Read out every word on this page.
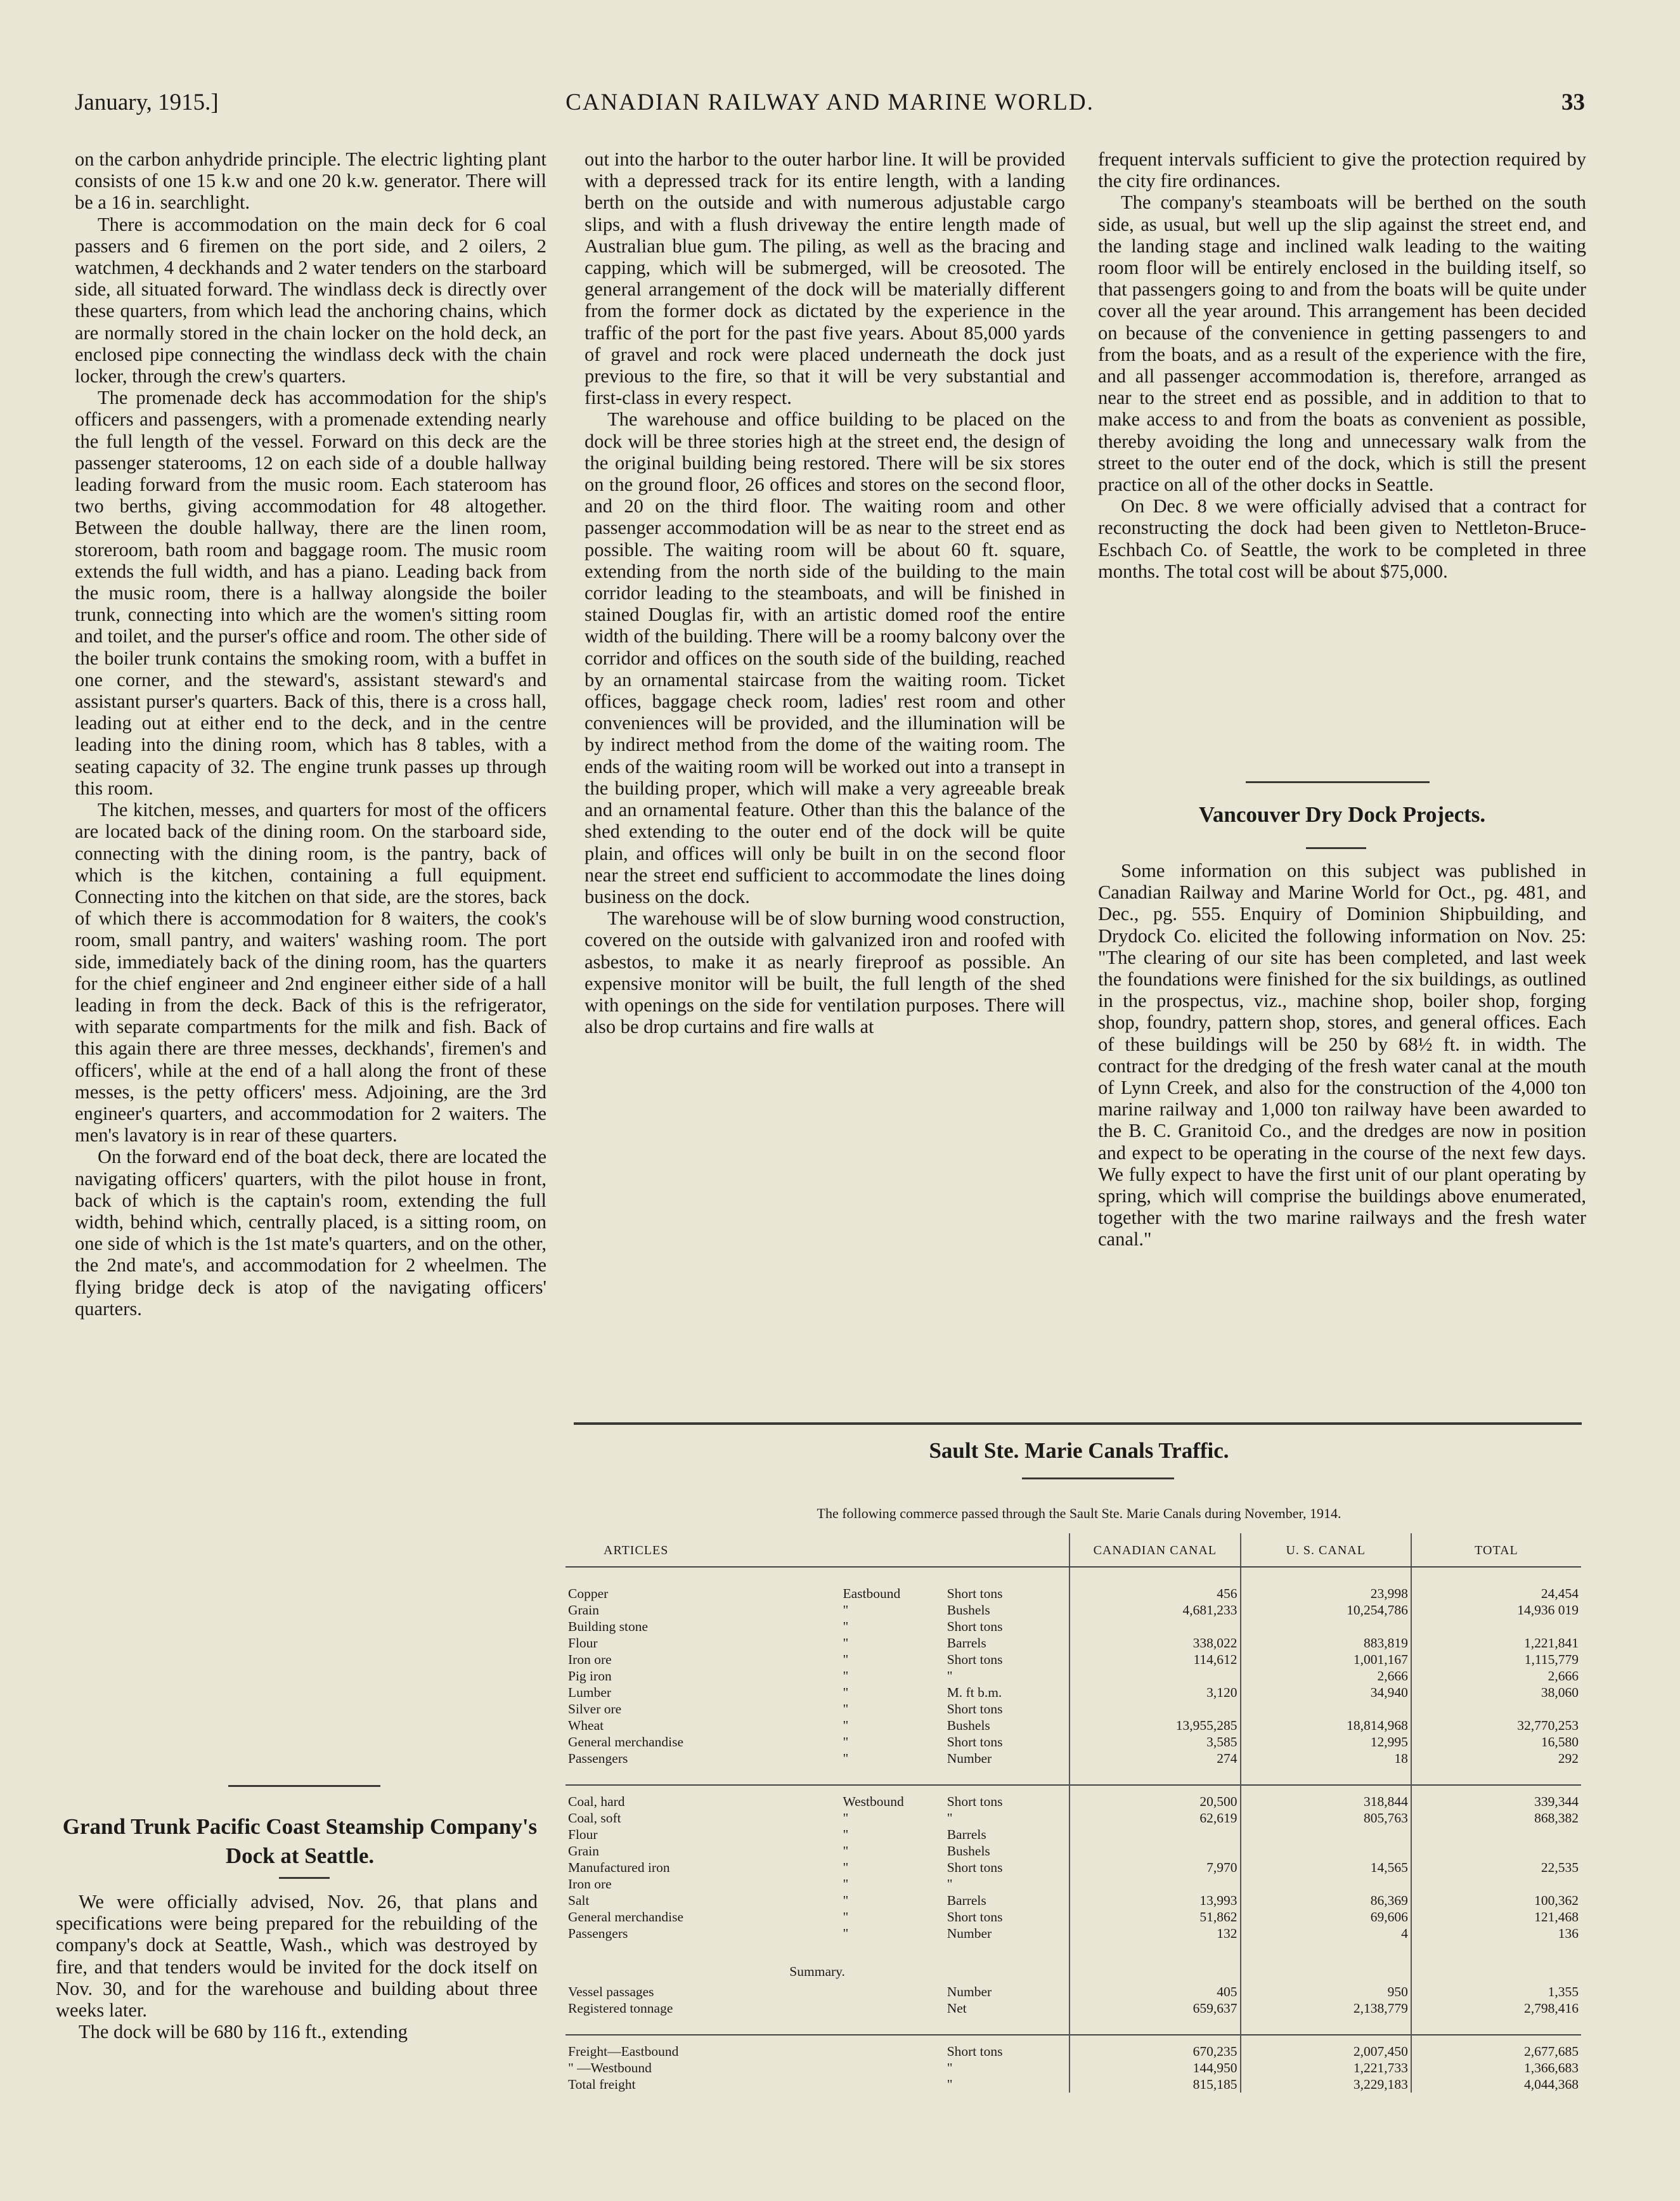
January, 1915.]	CANADIAN RAILWAY AND MARINE WORLD.	33

on the carbon anhydride principle. The electric lighting plant consists of one 15 k.w and one 20 k.w. generator. There will be a 16 in. searchlight.

There is accommodation on the main deck for 6 coal passers and 6 firemen on the port side, and 2 oilers, 2 watchmen, 4 deckhands and 2 water tenders on the starboard side, all situated forward. The windlass deck is directly over these quarters, from which lead the anchoring chains, which are normally stored in the chain locker on the hold deck, an enclosed pipe connecting the windlass deck with the chain locker, through the crew's quarters.

The promenade deck has accommodation for the ship's officers and passengers, with a promenade extending nearly the full length of the vessel. Forward on this deck are the passenger staterooms, 12 on each side of a double hallway leading forward from the music room. Each stateroom has two berths, giving accommodation for 48 altogether. Between the double hallway, there are the linen room, storeroom, bath room and baggage room. The music room extends the full width, and has a piano. Leading back from the music room, there is a hallway alongside the boiler trunk, connecting into which are the women's sitting room and toilet, and the purser's office and room. The other side of the boiler trunk contains the smoking room, with a buffet in one corner, and the steward's, assistant steward's and assistant purser's quarters. Back of this, there is a cross hall, leading out at either end to the deck, and in the centre leading into the dining room, which has 8 tables, with a seating capacity of 32. The engine trunk passes up through this room.

The kitchen, messes, and quarters for most of the officers are located back of the dining room. On the starboard side, connecting with the dining room, is the pantry, back of which is the kitchen, containing a full equipment. Connecting into the kitchen on that side, are the stores, back of which there is accommodation for 8 waiters, the cook's room, small pantry, and waiters' washing room. The port side, immediately back of the dining room, has the quarters for the chief engineer and 2nd engineer either side of a hall leading in from the deck. Back of this is the refrigerator, with separate compartments for the milk and fish. Back of this again there are three messes, deckhands', firemen's and officers', while at the end of a hall along the front of these messes, is the petty officers' mess. Adjoining, are the 3rd engineer's quarters, and accommodation for 2 waiters. The men's lavatory is in rear of these quarters.

On the forward end of the boat deck, there are located the navigating officers' quarters, with the pilot house in front, back of which is the captain's room, extending the full width, behind which, centrally placed, is a sitting room, on one side of which is the 1st mate's quarters, and on the other, the 2nd mate's, and accommodation for 2 wheelmen. The flying bridge deck is atop of the navigating officers' quarters.

Grand Trunk Pacific Coast Steamship Company's Dock at Seattle.

We were officially advised, Nov. 26, that plans and specifications were being prepared for the rebuilding of the company's dock at Seattle, Wash., which was destroyed by fire, and that tenders would be invited for the dock itself on Nov. 30, and for the warehouse and building about three weeks later.

The dock will be 680 by 116 ft., extending

out into the harbor to the outer harbor line. It will be provided with a depressed track for its entire length, with a landing berth on the outside and with numerous adjustable cargo slips, and with a flush driveway the entire length made of Australian blue gum. The piling, as well as the bracing and capping, which will be submerged, will be creosoted. The general arrangement of the dock will be materially different from the former dock as dictated by the experience in the traffic of the port for the past five years. About 85,000 yards of gravel and rock were placed underneath the dock just previous to the fire, so that it will be very substantial and first-class in every respect.

The warehouse and office building to be placed on the dock will be three stories high at the street end, the design of the original building being restored. There will be six stores on the ground floor, 26 offices and stores on the second floor, and 20 on the third floor. The waiting room and other passenger accommodation will be as near to the street end as possible. The waiting room will be about 60 ft. square, extending from the north side of the building to the main corridor leading to the steamboats, and will be finished in stained Douglas fir, with an artistic domed roof the entire width of the building. There will be a roomy balcony over the corridor and offices on the south side of the building, reached by an ornamental staircase from the waiting room. Ticket offices, baggage check room, ladies' rest room and other conveniences will be provided, and the illumination will be by indirect method from the dome of the waiting room. The ends of the waiting room will be worked out into a transept in the building proper, which will make a very agreeable break and an ornamental feature. Other than this the balance of the shed extending to the outer end of the dock will be quite plain, and offices will only be built in on the second floor near the street end sufficient to accommodate the lines doing business on the dock.

The warehouse will be of slow burning wood construction, covered on the outside with galvanized iron and roofed with asbestos, to make it as nearly fireproof as possible. An expensive monitor will be built, the full length of the shed with openings on the side for ventilation purposes. There will also be drop curtains and fire walls at

frequent intervals sufficient to give the protection required by the city fire ordinances.

The company's steamboats will be berthed on the south side, as usual, but well up the slip against the street end, and the landing stage and inclined walk leading to the waiting room floor will be entirely enclosed in the building itself, so that passengers going to and from the boats will be quite under cover all the year around. This arrangement has been decided on because of the convenience in getting passengers to and from the boats, and as a result of the experience with the fire, and all passenger accommodation is, therefore, arranged as near to the street end as possible, and in addition to that to make access to and from the boats as convenient as possible, thereby avoiding the long and unnecessary walk from the street to the outer end of the dock, which is still the present practice on all of the other docks in Seattle.

On Dec. 8 we were officially advised that a contract for reconstructing the dock had been given to Nettleton-Bruce-Eschbach Co. of Seattle, the work to be completed in three months. The total cost will be about $75,000.

Vancouver Dry Dock Projects.

Some information on this subject was published in Canadian Railway and Marine World for Oct., pg. 481, and Dec., pg. 555. Enquiry of Dominion Shipbuilding, and Drydock Co. elicited the following information on Nov. 25: "The clearing of our site has been completed, and last week the foundations were finished for the six buildings, as outlined in the prospectus, viz., machine shop, boiler shop, forging shop, foundry, pattern shop, stores, and general offices. Each of these buildings will be 250 by 68½ ft. in width. The contract for the dredging of the fresh water canal at the mouth of Lynn Creek, and also for the construction of the 4,000 ton marine railway and 1,000 ton railway have been awarded to the B. C. Granitoid Co., and the dredges are now in position and expect to be operating in the course of the next few days. We fully expect to have the first unit of our plant operating by spring, which will comprise the buildings above enumerated, together with the two marine railways and the fresh water canal."

Sault Ste. Marie Canals Traffic.
The following commerce passed through the Sault Ste. Marie Canals during November, 1914.
ARTICLES			CANADIAN CANAL	U. S. CANAL	TOTAL

Copper	Eastbound	Short tons	456	23,998	24,454
Grain	"	Bushels	4,681,233	10,254,786	14,936 019
Building stone	"	Short tons			
Flour	"	Barrels	338,022	883,819	1,221,841
Iron ore	"	Short tons	114,612	1,001,167	1,115,779
Pig iron	"	"		2,666	2,666
Lumber	"	M. ft b.m.	3,120	34,940	38,060
Silver ore	"	Short tons			
Wheat	"	Bushels	13,955,285	18,814,968	32,770,253
General merchandise	"	Short tons	3,585	12,995	16,580
Passengers	"	Number	274	18	292

Coal, hard	Westbound	Short tons	20,500	318,844	339,344
Coal, soft	"	"	62,619	805,763	868,382
Flour	"	Barrels			
Grain	"	Bushels			
Manufactured iron	"	Short tons	7,970	14,565	22,535
Iron ore	"	"			
Salt	"	Barrels	13,993	86,369	100,362
General merchandise	"	Short tons	51,862	69,606	121,468
Passengers	"	Number	132	4	136

Summary.					
Vessel passages		Number	405	950	1,355
Registered tonnage		Net	659,637	2,138,779	2,798,416

Freight—Eastbound		Short tons	670,235	2,007,450	2,677,685
" —Westbound		"	144,950	1,221,733	1,366,683
Total freight		"	815,185	3,229,183	4,044,368
